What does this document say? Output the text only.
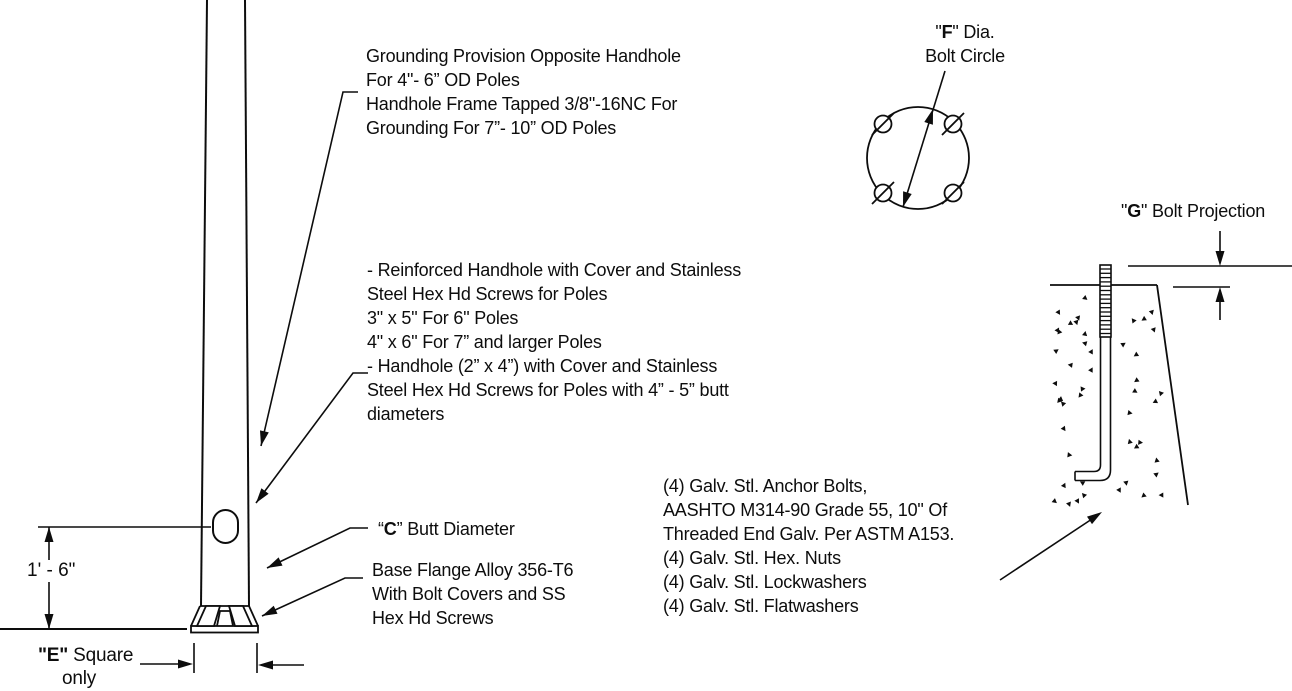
Grounding Provision Opposite Handhole
For 4"- 6” OD Poles
Handhole Frame Tapped 3/8"-16NC For
Grounding For 7”- 10” OD Poles
- Reinforced Handhole with Cover and Stainless
Steel Hex Hd Screws for Poles
3" x 5" For 6" Poles
4" x 6" For 7” and larger Poles
- Handhole (2” x 4”) with Cover and Stainless
Steel Hex Hd Screws for Poles with 4” - 5” butt
diameters
“C” Butt Diameter
Base Flange Alloy 356-T6
With Bolt Covers and SS
Hex Hd Screws
(4) Galv. Stl. Anchor Bolts,
AASHTO M314-90 Grade 55, 10" Of
Threaded End Galv. Per ASTM A153.
(4) Galv. Stl. Hex. Nuts
(4) Galv. Stl. Lockwashers
(4) Galv. Stl. Flatwashers
"F" Dia.
Bolt Circle
"G" Bolt Projection
1' - 6"
"E" Square
only
